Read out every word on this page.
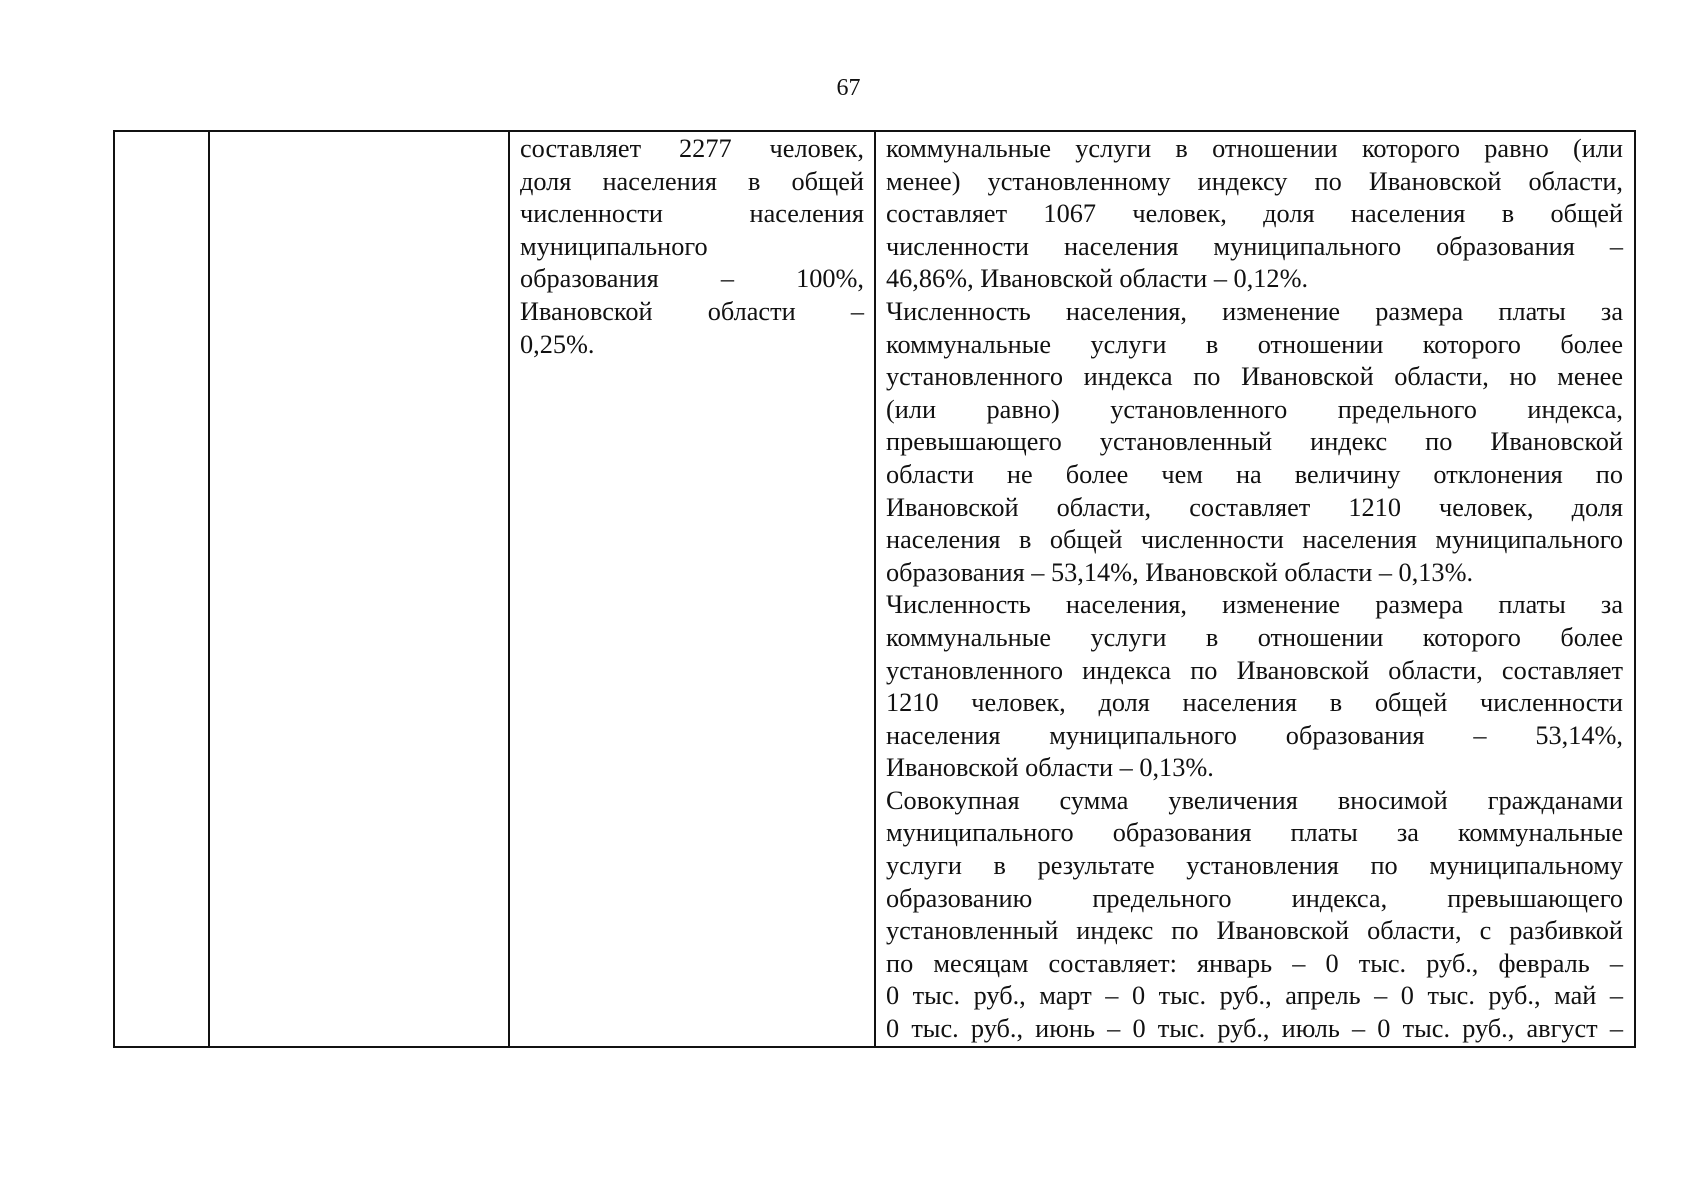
67

составляет 2277 человек,
доля населения в общей
численности населения
муниципального
образования – 100%,
Ивановской области –
0,25%.

коммунальные услуги в отношении которого равно (или
менее) установленному индексу по Ивановской области,
составляет 1067 человек, доля населения в общей
численности населения муниципального образования –
46,86%, Ивановской области – 0,12%.
Численность населения, изменение размера платы за
коммунальные услуги в отношении которого более
установленного индекса по Ивановской области, но менее
(или равно) установленного предельного индекса,
превышающего установленный индекс по Ивановской
области не более чем на величину отклонения по
Ивановской области, составляет 1210 человек, доля
населения в общей численности населения муниципального
образования – 53,14%, Ивановской области – 0,13%.
Численность населения, изменение размера платы за
коммунальные услуги в отношении которого более
установленного индекса по Ивановской области, составляет
1210 человек, доля населения в общей численности
населения муниципального образования – 53,14%,
Ивановской области – 0,13%.
Совокупная сумма увеличения вносимой гражданами
муниципального образования платы за коммунальные
услуги в результате установления по муниципальному
образованию предельного индекса, превышающего
установленный индекс по Ивановской области, с разбивкой
по месяцам составляет: январь – 0 тыс. руб., февраль –
0 тыс. руб., март – 0 тыс. руб., апрель – 0 тыс. руб., май –
0 тыс. руб., июнь – 0 тыс. руб., июль – 0 тыс. руб., август –
